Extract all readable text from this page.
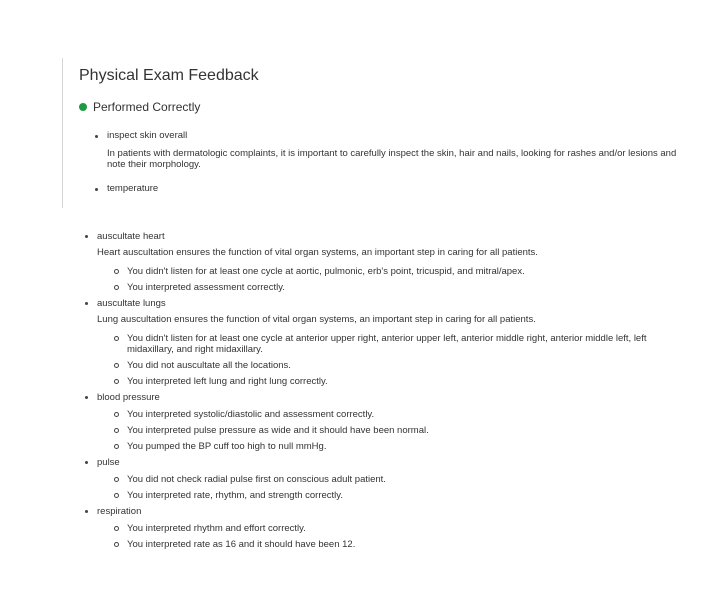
Physical Exam Feedback
Performed Correctly
inspect skin overall
In patients with dermatologic complaints, it is important to carefully inspect the skin, hair and nails, looking for rashes and/or lesions and note their morphology.
temperature
auscultate heart
Heart auscultation ensures the function of vital organ systems, an important step in caring for all patients.
You didn't listen for at least one cycle at aortic, pulmonic, erb's point, tricuspid, and mitral/apex.
You interpreted assessment correctly.
auscultate lungs
Lung auscultation ensures the function of vital organ systems, an important step in caring for all patients.
You didn't listen for at least one cycle at anterior upper right, anterior upper left, anterior middle right, anterior middle left, left midaxillary, and right midaxillary.
You did not auscultate all the locations.
You interpreted left lung and right lung correctly.
blood pressure
You interpreted systolic/diastolic and assessment correctly.
You interpreted pulse pressure as wide and it should have been normal.
You pumped the BP cuff too high to null mmHg.
pulse
You did not check radial pulse first on conscious adult patient.
You interpreted rate, rhythm, and strength correctly.
respiration
You interpreted rhythm and effort correctly.
You interpreted rate as 16 and it should have been 12.
